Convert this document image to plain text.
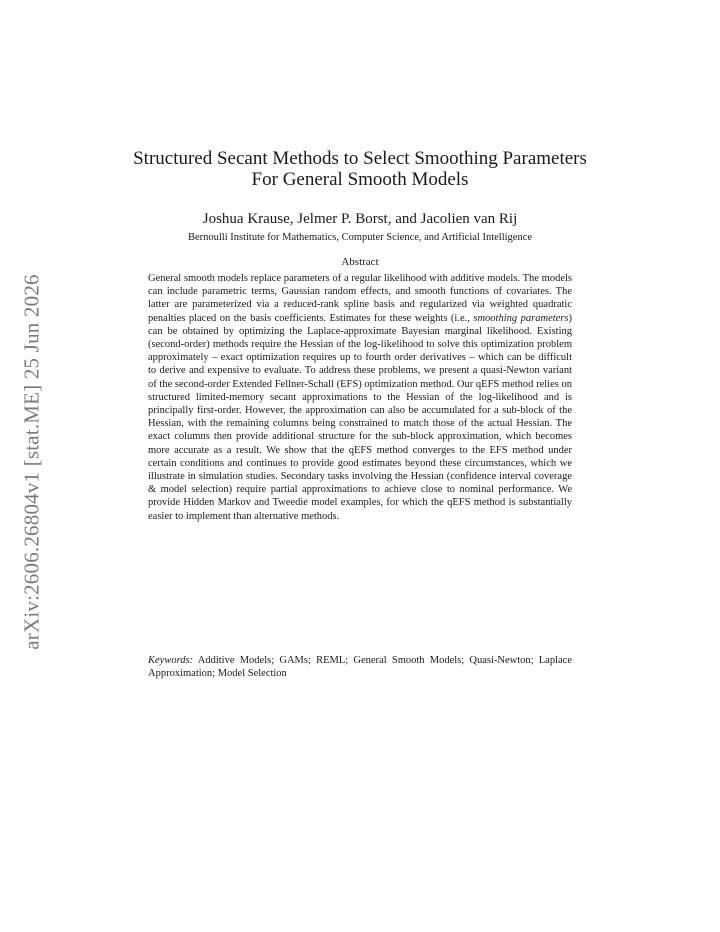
arXiv:2606.26804v1 [stat.ME] 25 Jun 2026
Structured Secant Methods to Select Smoothing Parameters
For General Smooth Models
Joshua Krause, Jelmer P. Borst, and Jacolien van Rij
Bernoulli Institute for Mathematics, Computer Science, and Artificial Intelligence
Abstract
General smooth models replace parameters of a regular likelihood with additive models. The models can include parametric terms, Gaussian random effects, and smooth functions of covariates. The latter are parameterized via a reduced-rank spline basis and regularized via weighted quadratic penalties placed on the basis coefficients. Estimates for these weights (i.e., smoothing parameters) can be obtained by optimizing the Laplace-approximate Bayesian marginal likelihood. Existing (second-order) methods require the Hessian of the log-likelihood to solve this optimization problem approximately – exact optimization requires up to fourth order derivatives – which can be difficult to derive and expensive to evaluate. To address these problems, we present a quasi-Newton variant of the second-order Extended Fellner-Schall (EFS) optimization method. Our qEFS method relies on structured limited-memory secant approximations to the Hessian of the log-likelihood and is principally first-order. However, the approximation can also be accumulated for a sub-block of the Hessian, with the remaining columns being constrained to match those of the actual Hessian. The exact columns then provide additional structure for the sub-block approximation, which becomes more accurate as a result. We show that the qEFS method converges to the EFS method under certain conditions and continues to provide good estimates beyond these circumstances, which we illustrate in simulation studies. Secondary tasks involving the Hessian (confidence interval coverage & model selection) require partial approximations to achieve close to nominal performance. We provide Hidden Markov and Tweedie model examples, for which the qEFS method is substantially easier to implement than alternative methods.
Keywords: Additive Models; GAMs; REML; General Smooth Models; Quasi-Newton; Laplace Approximation; Model Selection
